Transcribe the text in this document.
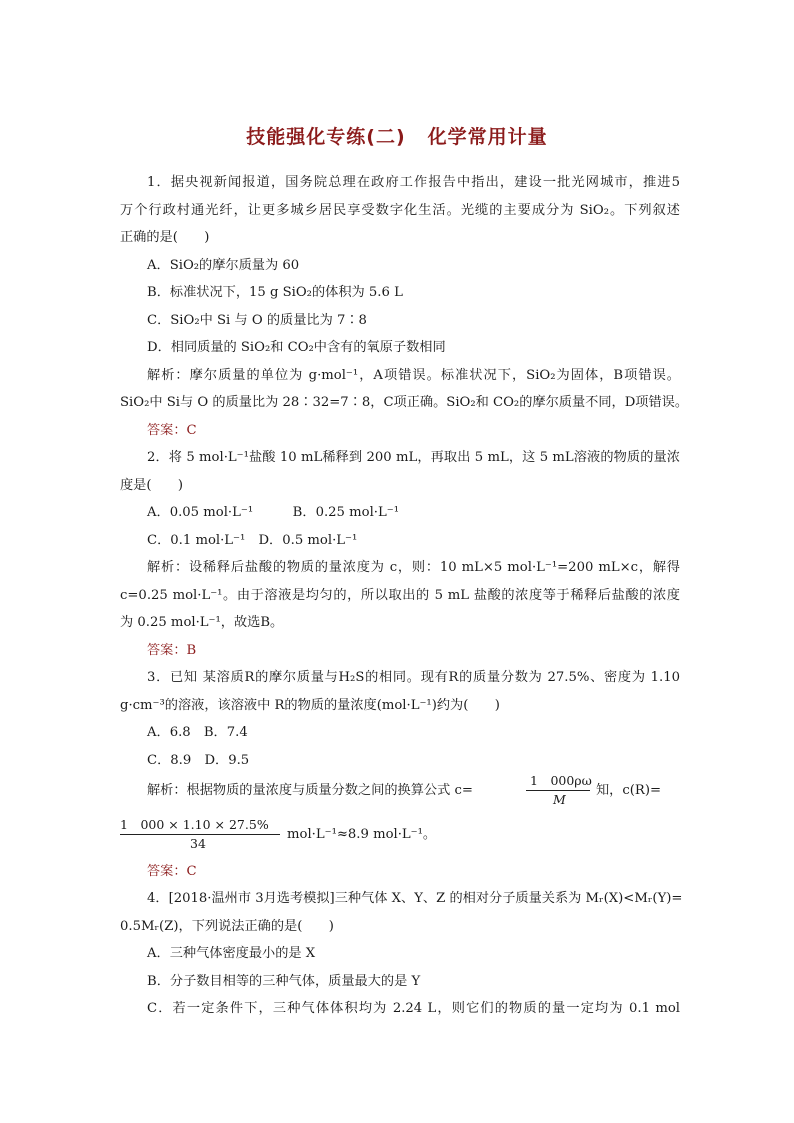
技能强化专练(二) 化学常用计量
1．据央视新闻报道，国务院总理在政府工作报告中指出，建设一批光网城市，推进5
万个行政村通光纤，让更多城乡居民享受数字化生活。光缆的主要成分为 SiO₂。下列叙述
正确的是(　　)
A．SiO₂的摩尔质量为 60
B．标准状况下，15 g SiO₂的体积为 5.6 L
C．SiO₂中 Si 与 O 的质量比为 7∶8
D．相同质量的 SiO₂和 CO₂中含有的氧原子数相同
解析：摩尔质量的单位为 g·mol⁻¹，A项错误。标准状况下，SiO₂为固体，B项错误。
SiO₂中 Si与 O 的质量比为 28∶32=7∶8，C项正确。SiO₂和 CO₂的摩尔质量不同，D项错误。
答案：C
2．将 5 mol·L⁻¹盐酸 10 mL稀释到 200 mL，再取出 5 mL，这 5 mL溶液的物质的量浓
度是(　　)
A．0.05 mol·L⁻¹　　　B．0.25 mol·L⁻¹
C．0.1 mol·L⁻¹　D．0.5 mol·L⁻¹
解析：设稀释后盐酸的物质的量浓度为 c，则：10 mL×5 mol·L⁻¹=200 mL×c，解得
c=0.25 mol·L⁻¹。由于溶液是均匀的，所以取出的 5 mL 盐酸的浓度等于稀释后盐酸的浓度
为 0.25 mol·L⁻¹，故选B。
答案：B
3．已知 某溶质R的摩尔质量与H₂S的相同。现有R的质量分数为 27.5%、密度为 1.10
g·cm⁻³的溶液，该溶液中 R的物质的量浓度(mol·L⁻¹)约为(　　)
A．6.8　B．7.4
C．8.9　D．9.5
答案：C
4．[2018·温州市 3月选考模拟]三种气体 X、Y、Z 的相对分子质量关系为 Mᵣ(X)<Mᵣ(Y)=
0.5Mᵣ(Z)，下列说法正确的是(　　)
A．三种气体密度最小的是 X
B．分子数目相等的三种气体，质量最大的是 Y
C．若一定条件下，三种气体体积均为 2.24 L，则它们的物质的量一定均为 0.1 mol
解析：根据物质的量浓度与质量分数之间的换算公式 c=
1　000ρω
M
知，c(R)=
1　000 × 1.10 × 27.5%
34
mol·L⁻¹≈8.9 mol·L⁻¹。
